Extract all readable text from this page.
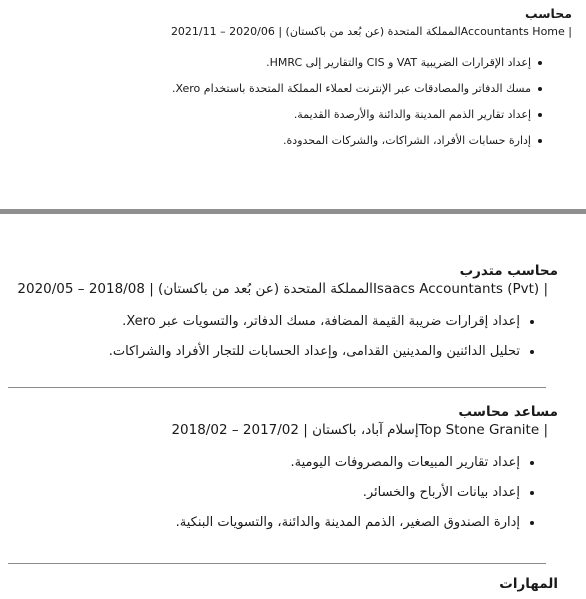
محاسب
| Accountants Homeالمملكة المتحدة (عن بُعد من باكستان) | 2020/06 – 2021/11
إعداد الإقرارات الضريبية VAT و CIS والتقارير إلى HMRC.
مسك الدفاتر والمصادقات عبر الإنترنت لعملاء المملكة المتحدة باستخدام Xero.
إعداد تقارير الذمم المدينة والدائنة والأرصدة القديمة.
إدارة حسابات الأفراد، الشراكات، والشركات المحدودة.
محاسب متدرب
| Isaacs Accountants (Pvt)المملكة المتحدة (عن بُعد من باكستان) | 2018/08 – 2020/05
إعداد إقرارات ضريبة القيمة المضافة، مسك الدفاتر، والتسويات عبر Xero.
تحليل الدائنين والمدينين القدامى، وإعداد الحسابات للتجار الأفراد والشراكات.
مساعد محاسب
| Top Stone Graniteإسلام آباد، باكستان | 2017/02 – 2018/02
إعداد تقارير المبيعات والمصروفات اليومية.
إعداد بيانات الأرباح والخسائر.
إدارة الصندوق الصغير، الذمم المدينة والدائنة، والتسويات البنكية.
المهارات
